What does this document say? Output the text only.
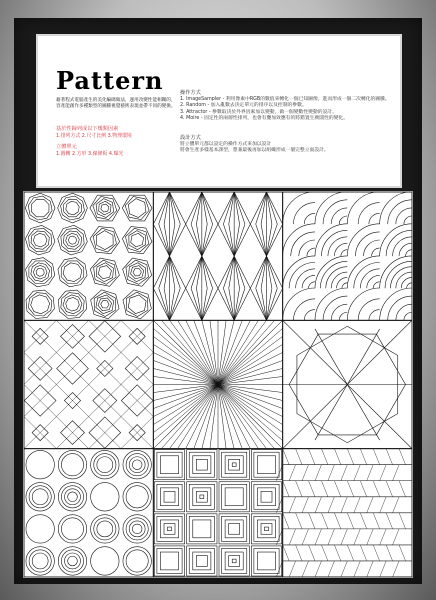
Pattern
藉著程式電腦產生的美化編碼做法，運用改變性能相關的，
容產能創作多種類型的圖騰視覺藝術表現並帶不同的變換。
基於性歸列成以下幾類因素
1.排列方式 2.尺寸比例 3.物理環境
立體單元
1.圓轉 2.方形 3.線條板 4.曝光
操作方式
1. ImageSampler - 利用像素中RGB的數值來轉化一個已知圖像，進而形成一個二次轉化的圖騰。
2. Random - 加入亂數去決定單元的排序以及控制的參數。
3. Attractor - 參數取決於外界因素加以變動，做一個變數性變動的設計。
4. Moire - 固定性的兩層性排列，也會有疊加效應有的將錯置生廣闊性的變化。
設計方式
將立體單元都以設定的操作方式來加以設計
將會生產多樣基本課型，想兼最後再加以組織形成一個完整立面設計。
